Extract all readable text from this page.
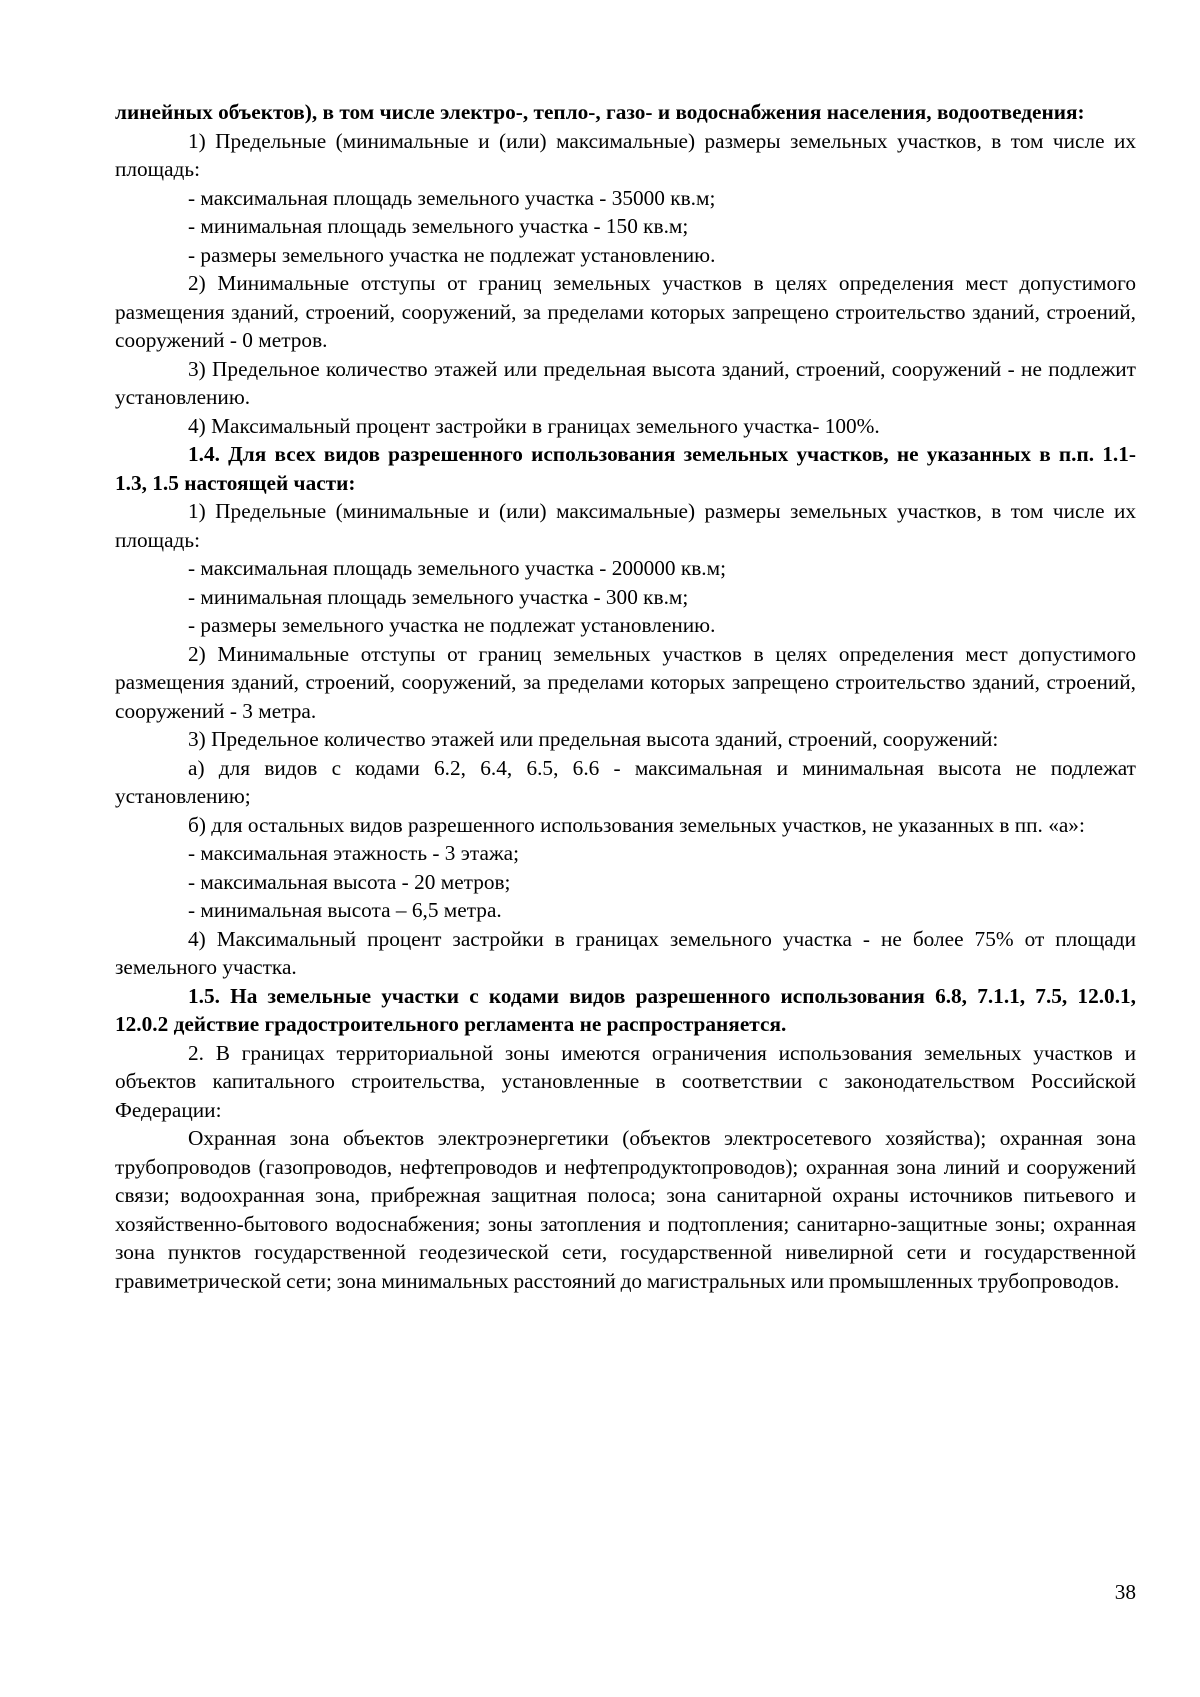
линейных объектов), в том числе электро-, тепло-, газо- и водоснабжения населения, водоотведения:

1) Предельные (минимальные и (или) максимальные) размеры земельных участков, в том числе их площадь:

- максимальная площадь земельного участка - 35000 кв.м;

- минимальная площадь земельного участка - 150 кв.м;

- размеры земельного участка не подлежат установлению.

2) Минимальные отступы от границ земельных участков в целях определения мест допустимого размещения зданий, строений, сооружений, за пределами которых запрещено строительство зданий, строений, сооружений - 0 метров.

3) Предельное количество этажей или предельная высота зданий, строений, сооружений - не подлежит установлению.

4) Максимальный процент застройки в границах земельного участка- 100%.

1.4. Для всех видов разрешенного использования земельных участков, не указанных в п.п. 1.1- 1.3, 1.5 настоящей части:

1) Предельные (минимальные и (или) максимальные) размеры земельных участков, в том числе их площадь:

- максимальная площадь земельного участка - 200000 кв.м;

- минимальная площадь земельного участка - 300 кв.м;

- размеры земельного участка не подлежат установлению.

2) Минимальные отступы от границ земельных участков в целях определения мест допустимого размещения зданий, строений, сооружений, за пределами которых запрещено строительство зданий, строений, сооружений - 3 метра.

3) Предельное количество этажей или предельная высота зданий, строений, сооружений:

а) для видов с кодами 6.2, 6.4, 6.5, 6.6 - максимальная и минимальная высота не подлежат установлению;

б) для остальных видов разрешенного использования земельных участков, не указанных в пп. «а»:

- максимальная этажность - 3 этажа;

- максимальная высота - 20 метров;

- минимальная высота – 6,5 метра.

4) Максимальный процент застройки в границах земельного участка - не более 75% от площади земельного участка.

1.5. На земельные участки с кодами видов разрешенного использования 6.8, 7.1.1, 7.5, 12.0.1, 12.0.2 действие градостроительного регламента не распространяется.

2. В границах территориальной зоны имеются ограничения использования земельных участков и объектов капитального строительства, установленные в соответствии с законодательством Российской Федерации:

Охранная зона объектов электроэнергетики (объектов электросетевого хозяйства); охранная зона трубопроводов (газопроводов, нефтепроводов и нефтепродуктопроводов); охранная зона линий и сооружений связи; водоохранная зона, прибрежная защитная полоса; зона санитарной охраны источников питьевого и хозяйственно-бытового водоснабжения; зоны затопления и подтопления; санитарно-защитные зоны; охранная зона пунктов государственной геодезической сети, государственной нивелирной сети и государственной гравиметрической сети; зона минимальных расстояний до магистральных или промышленных трубопроводов.

38
